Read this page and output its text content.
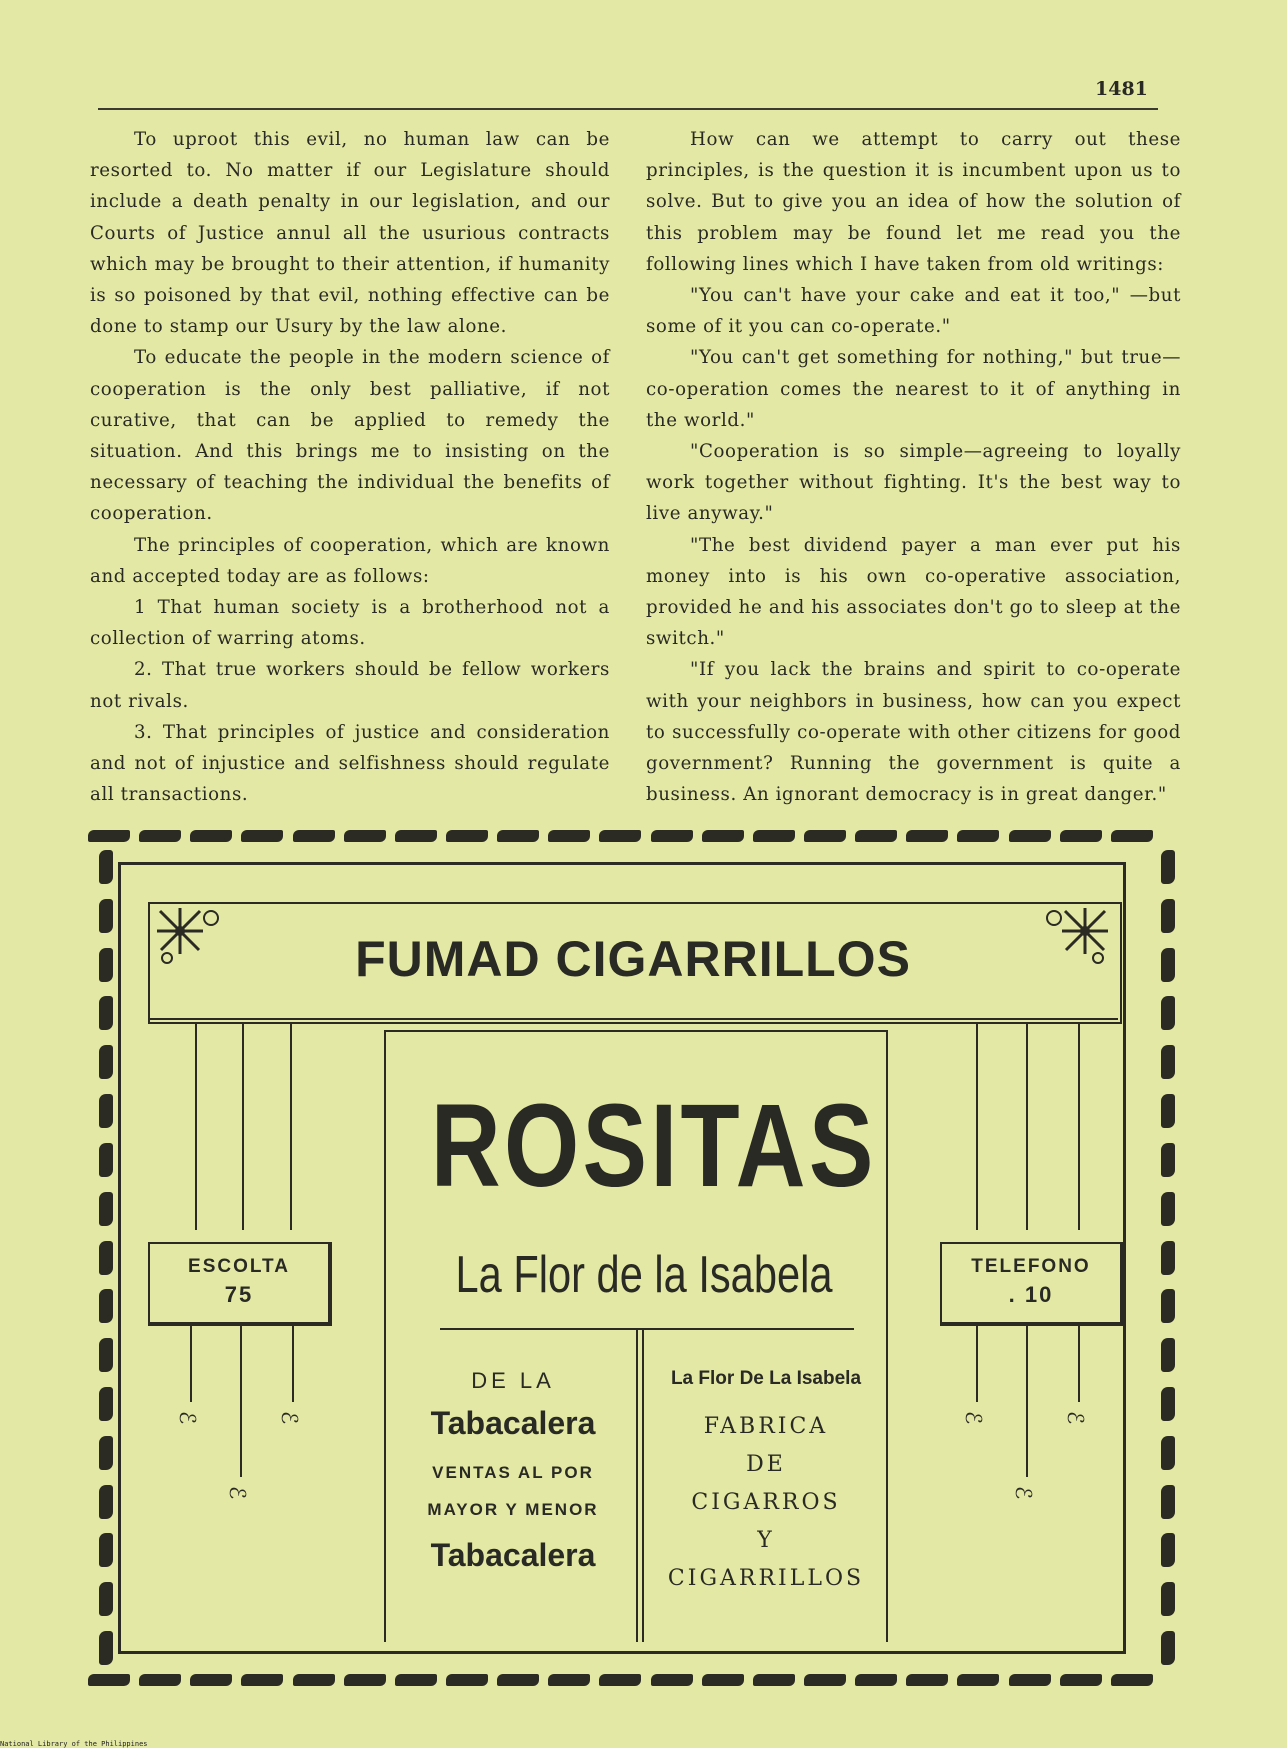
1481

To uproot this evil, no human law can be resorted to. No matter if our Legislature should include a death penalty in our legislation, and our Courts of Justice annul all the usurious contracts which may be brought to their attention, if humanity is so poisoned by that evil, nothing effective can be done to stamp our Usury by the law alone.

To educate the people in the modern science of cooperation is the only best palliative, if not curative, that can be applied to remedy the situation. And this brings me to insisting on the necessary of teaching the individual the benefits of cooperation.

The principles of cooperation, which are known and accepted today are as follows:

1 That human society is a brotherhood not a collection of warring atoms.

2. That true workers should be fellow workers not rivals.

3. That principles of justice and consideration and not of injustice and selfishness should regulate all transactions.

How can we attempt to carry out these principles, is the question it is incumbent upon us to solve. But to give you an idea of how the solution of this problem may be found let me read you the following lines which I have taken from old writings:

"You can't have your cake and eat it too," —but some of it you can co-operate."

"You can't get something for nothing," but true—co-operation comes the nearest to it of anything in the world."

"Cooperation is so simple—agreeing to loyally work together without fighting. It's the best way to live anyway."

"The best dividend payer a man ever put his money into is his own co-operative association, provided he and his associates don't go to sleep at the switch."

"If you lack the brains and spirit to co-operate with your neighbors in business, how can you expect to successfully co-operate with other citizens for good government? Running the government is quite a business. An ignorant democracy is in great danger."

FUMAD CIGARRILLOS
ROSITAS
La Flor de la Isabela
DE LA
Tabacalera
VENTAS AL POR
MAYOR Y MENOR
Tabacalera
La Flor De La Isabela
FABRICA
DE
CIGARROS
Y
CIGARRILLOS
ESCOLTA
75
ℰ	ℰ
ℰ
TELEFONO
. 10
ℰ	ℰ
ℰ
National Library of the Philippines
